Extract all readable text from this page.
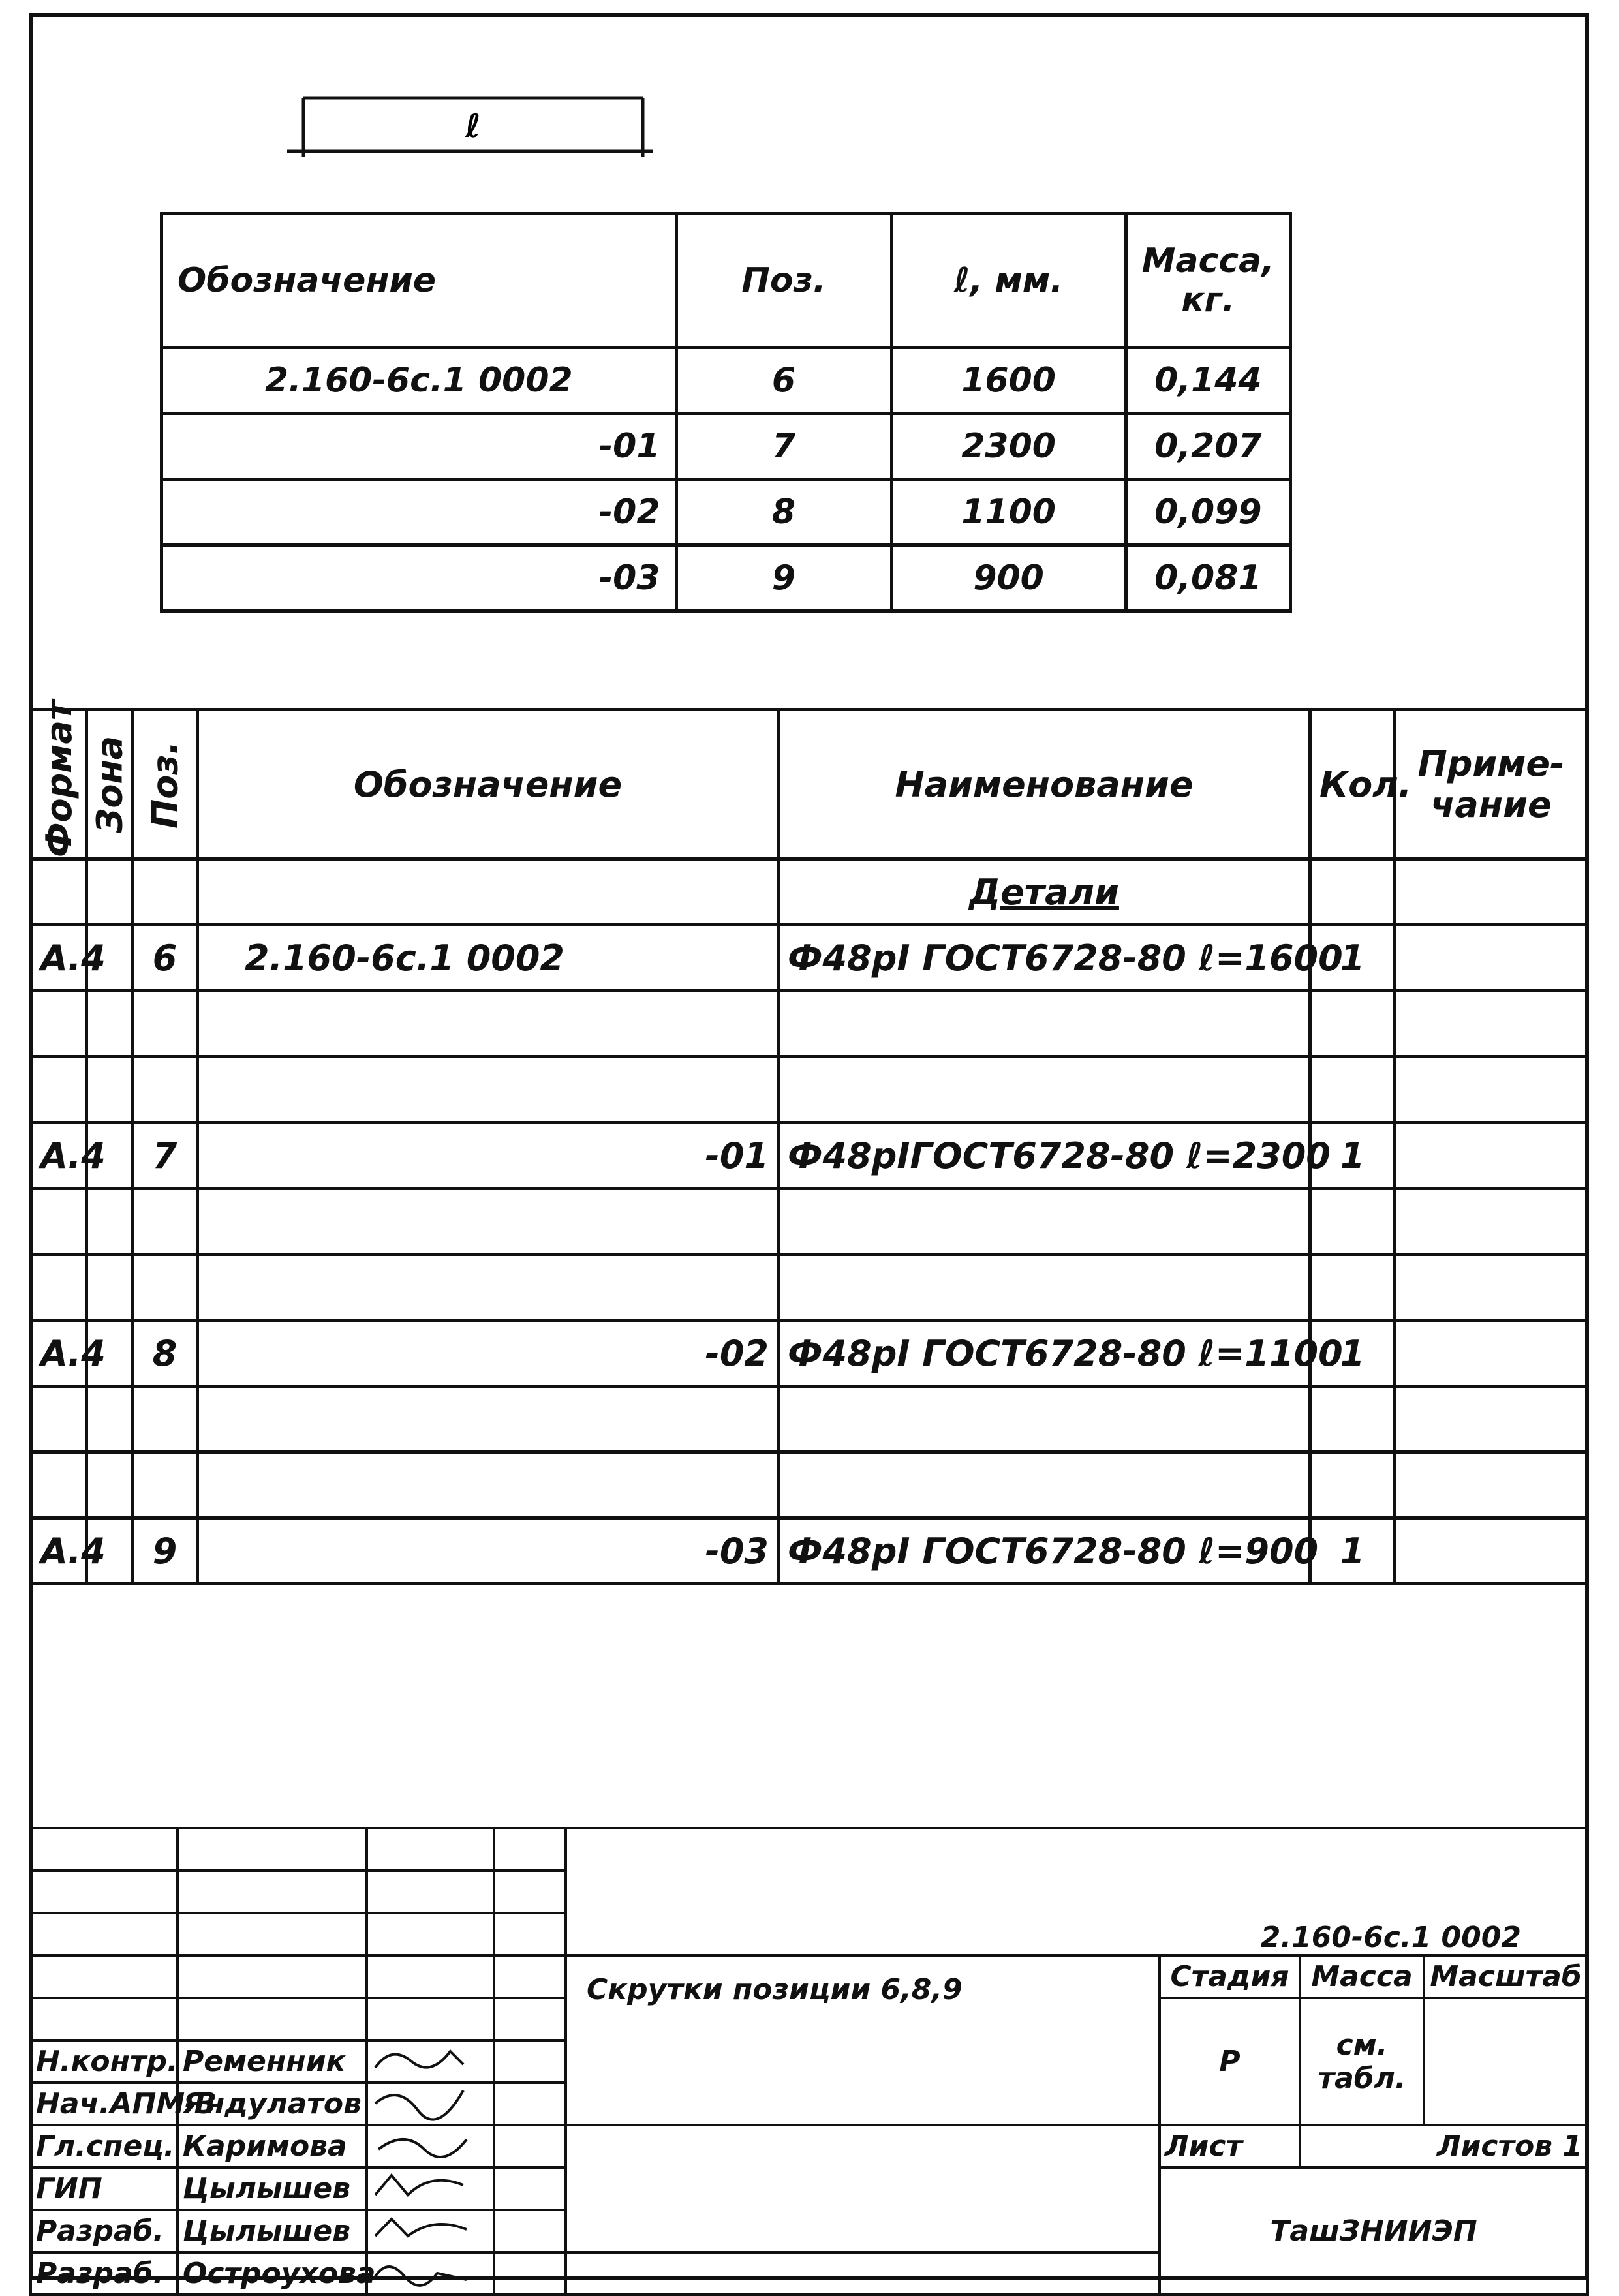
ℓ
Обозначение	Поз.	ℓ, мм.	Масса, кг.
2.160-6с.1 0002	6	1600	0,144
-01	7	2300	0,207
-02	8	1100	0,099
-03	9	900	0,081
Формат	Зона	Поз.	Обозначение	Наименование	Кол.	Приме-чание
				Детали		
А.4		6	2.160-6с.1 0002	Ф48рI ГОСТ6728-80 ℓ=1600	1	

А.4		7	-01	Ф48рIГОСТ6728-80 ℓ=2300	1	

А.4		8	-02	Ф48рI ГОСТ6728-80 ℓ=1100	1	

А.4		9	-03	Ф48рI ГОСТ6728-80 ℓ=900	1	
				2.160-6с.1 0002			

				Скрутки позиции 6,8,9	Стадия	Масса	Масштаб
					Р	см. табл.	
Н.контр.	Ременник		
Нач.АПМ-3	Яндулатов		
Гл.спец.	Каримова				Лист	Листов 1	
ГИП	Цылышев				ТашЗНИИЭП		
Разраб.	Цылышев		
Разраб.	Остроухова			
